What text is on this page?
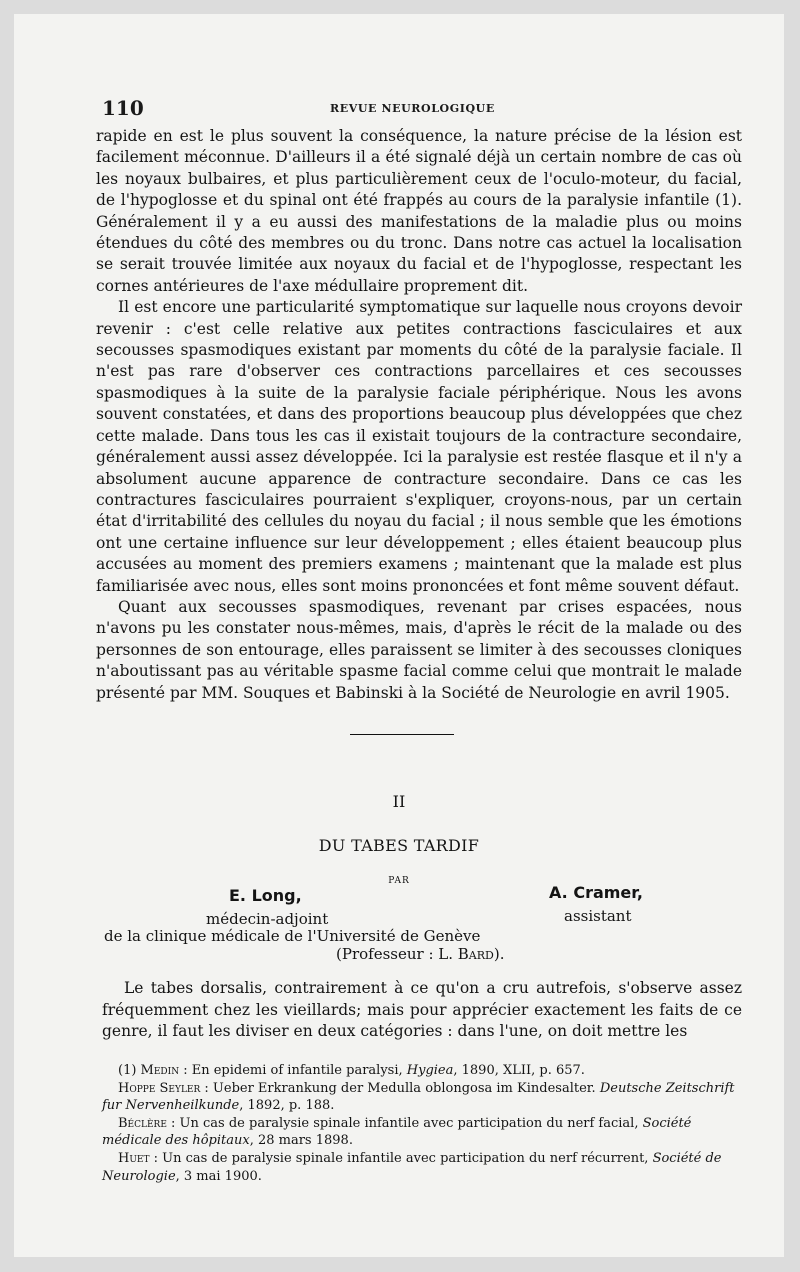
110	REVUE NEUROLOGIQUE

rapide en est le plus souvent la conséquence, la nature précise de la lésion est facilement méconnue. D'ailleurs il a été signalé déjà un certain nombre de cas où les noyaux bulbaires, et plus particulièrement ceux de l'oculo-moteur, du facial, de l'hypoglosse et du spinal ont été frappés au cours de la paralysie infantile (1). Généralement il y a eu aussi des manifestations de la maladie plus ou moins étendues du côté des membres ou du tronc. Dans notre cas actuel la localisation se serait trouvée limitée aux noyaux du facial et de l'hypoglosse, respectant les cornes antérieures de l'axe médullaire proprement dit.

Il est encore une particularité symptomatique sur laquelle nous croyons devoir revenir : c'est celle relative aux petites contractions fasciculaires et aux secousses spasmodiques existant par moments du côté de la paralysie faciale. Il n'est pas rare d'observer ces contractions parcellaires et ces secousses spasmodiques à la suite de la paralysie faciale périphérique. Nous les avons souvent constatées, et dans des proportions beaucoup plus développées que chez cette malade. Dans tous les cas il existait toujours de la contracture secondaire, généralement aussi assez développée. Ici la paralysie est restée flasque et il n'y a absolument aucune apparence de contracture secondaire. Dans ce cas les contractures fasciculaires pourraient s'expliquer, croyons-nous, par un certain état d'irritabilité des cellules du noyau du facial ; il nous semble que les émotions ont une certaine influence sur leur développement ; elles étaient beaucoup plus accusées au moment des premiers examens ; maintenant que la malade est plus familiarisée avec nous, elles sont moins prononcées et font même souvent défaut.

Quant aux secousses spasmodiques, revenant par crises espacées, nous n'avons pu les constater nous-mêmes, mais, d'après le récit de la malade ou des personnes de son entourage, elles paraissent se limiter à des secousses cloniques n'aboutissant pas au véritable spasme facial comme celui que montrait le malade présenté par MM. Souques et Babinski à la Société de Neurologie en avril 1905.

II
DU TABES TARDIF
PAR
E. Long,	A. Cramer,
médecin-adjoint	assistant
de la clinique médicale de l'Université de Genève
(Professeur : L. Bard).

Le tabes dorsalis, contrairement à ce qu'on a cru autrefois, s'observe assez fréquemment chez les vieillards; mais pour apprécier exactement les faits de ce genre, il faut les diviser en deux catégories : dans l'une, on doit mettre les

(1) Medin : En epidemi of infantile paralysi, Hygiea, 1890, XLII, p. 657.

Hoppe Seyler : Ueber Erkrankung der Medulla oblongosa im Kindesalter. Deutsche Zeitschrift fur Nervenheilkunde, 1892, p. 188.

Béclère : Un cas de paralysie spinale infantile avec participation du nerf facial, Société médicale des hôpitaux, 28 mars 1898.

Huet : Un cas de paralysie spinale infantile avec participation du nerf récurrent, Société de Neurologie, 3 mai 1900.
